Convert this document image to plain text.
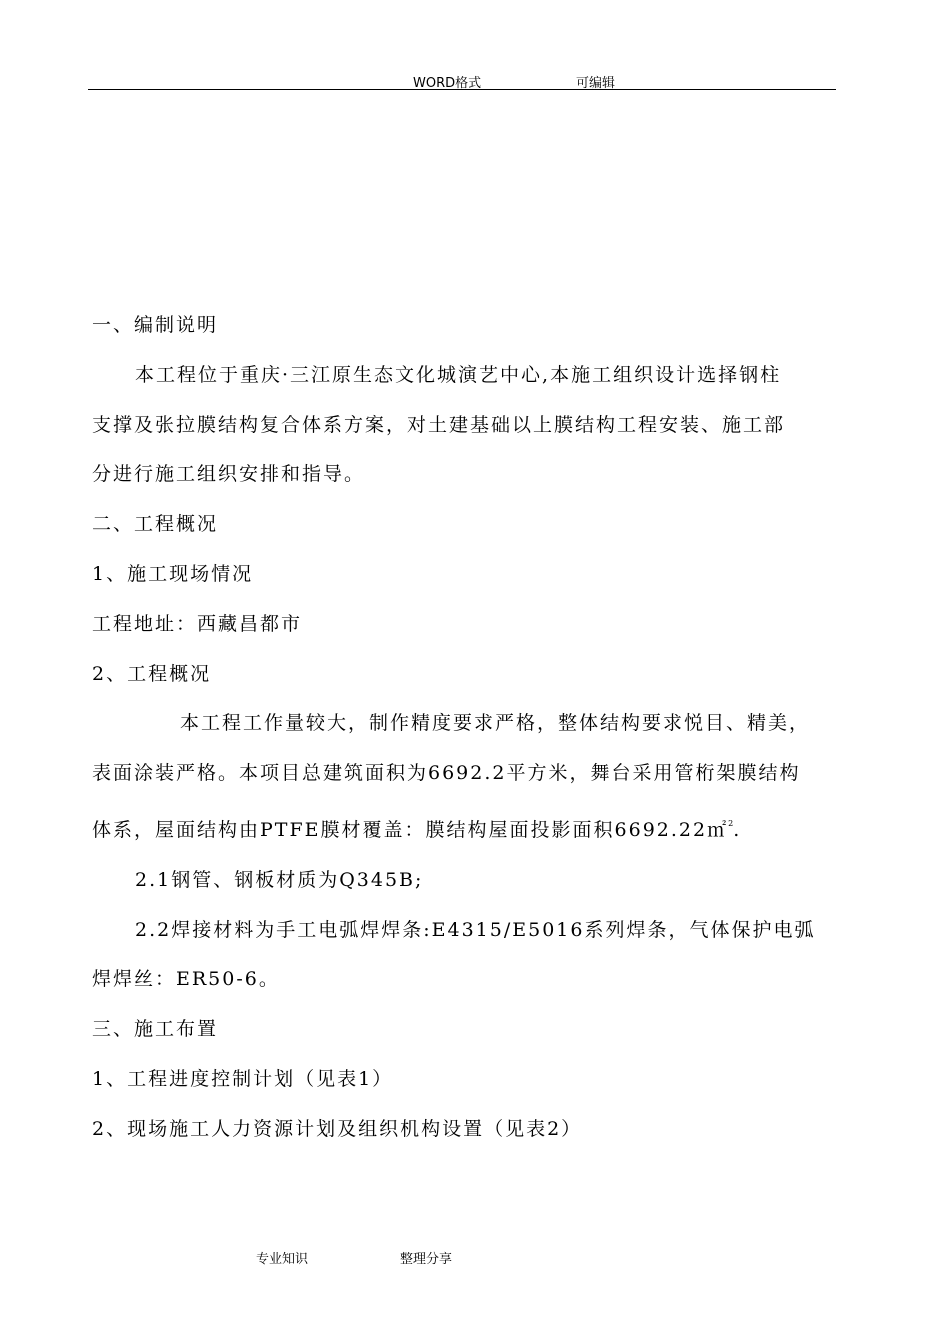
WORD格式	可编辑

一、编制说明

本工程位于重庆·三江原生态文化城演艺中心,本施工组织设计选择钢柱

支撑及张拉膜结构复合体系方案，对土建基础以上膜结构工程安装、施工部

分进行施工组织安排和指导。

二、工程概况

1、施工现场情况

工程地址：西藏昌都市

2、工程概况

本工程工作量较大，制作精度要求严格，整体结构要求悦目、精美，

表面涂装严格。本项目总建筑面积为6692.2平方米，舞台采用管桁架膜结构

体系，屋面结构由PTFE膜材覆盖：膜结构屋面投影面积6692.22㎡$^2$.

2.1钢管、钢板材质为Q345B;

2.2焊接材料为手工电弧焊焊条:E4315/E5016系列焊条，气体保护电弧

焊焊丝：ER50-6。

三、施工布置

1、工程进度控制计划（见表1）

2、现场施工人力资源计划及组织机构设置（见表2）

专业知识	整理分享
